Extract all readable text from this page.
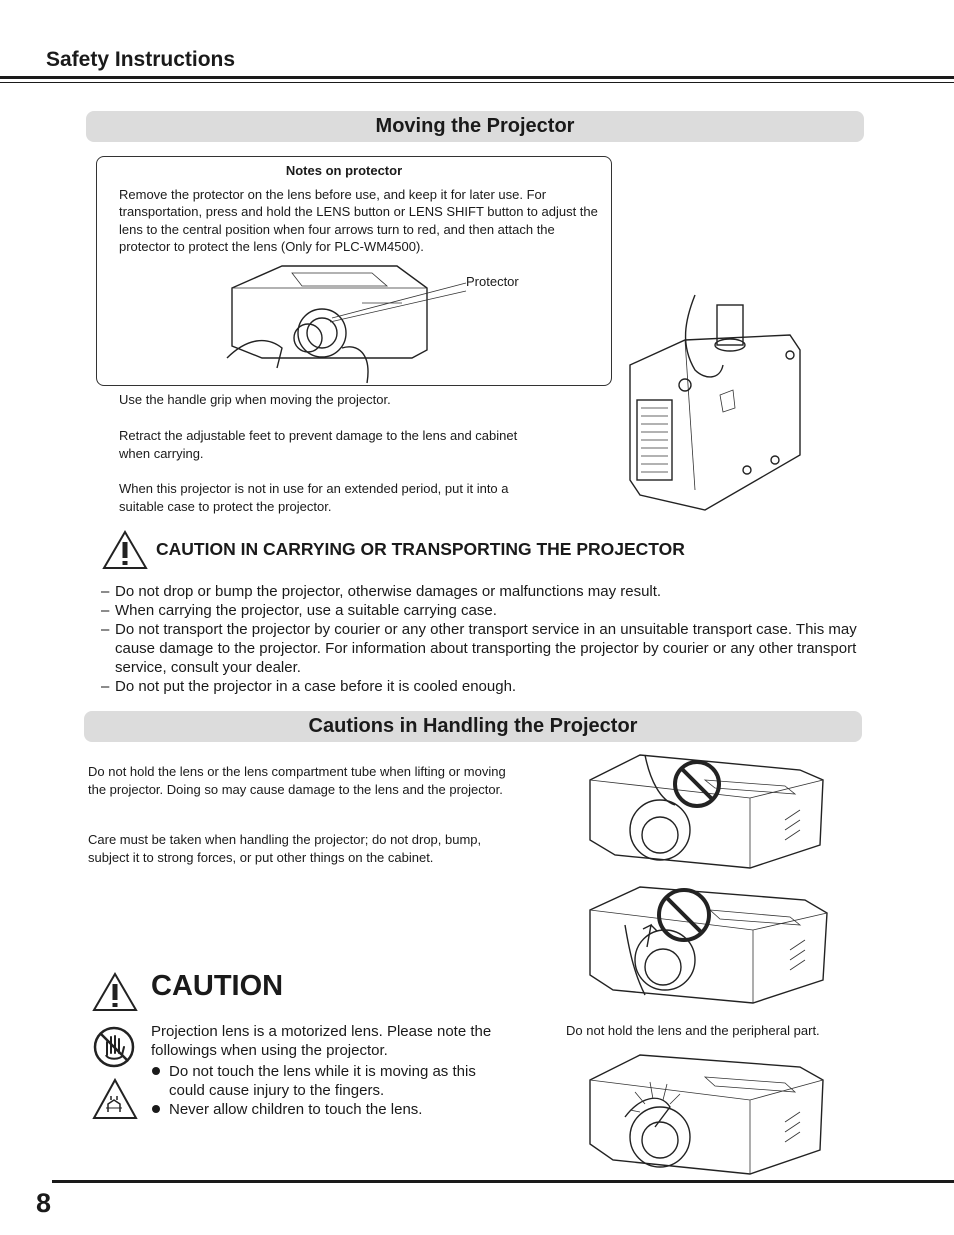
Safety Instructions
Moving the Projector
Notes on protector
Remove the protector on the lens before use, and keep it for later use. For transportation, press and hold the LENS button or LENS SHIFT button to adjust the lens to the central position when four arrows turn to red, and then attach the protector to protect the lens (Only for PLC-WM4500).
Protector
Use the handle grip when moving the projector.
Retract the adjustable feet to prevent damage to the lens and cabinet when carrying.
When this projector is not in use for an extended period, put it into a suitable case to protect the projector.
CAUTION IN CARRYING OR TRANSPORTING THE PROJECTOR
– Do not drop or bump the projector, otherwise damages or malfunctions may result.
– When carrying the projector, use a suitable carrying case.
– Do not transport the projector by courier or any other transport service in an unsuitable transport case. This may cause damage to the projector. For information about transporting the projector by courier or any other transport service, consult your dealer.
– Do not put the projector in a case before it is cooled enough.
Cautions in Handling the Projector
Do not hold the lens or the lens compartment tube when lifting or moving the projector. Doing so may cause damage to the lens and the projector.
Care must be taken when handling the projector; do not drop, bump, subject it to strong forces, or put other things on the cabinet.
Do not hold the lens and the peripheral part.
CAUTION
Projection lens is a motorized lens. Please note the followings when using the projector.
Do not touch the lens while it is moving as this could cause injury to the fingers.
Never allow children to touch the lens.
8
